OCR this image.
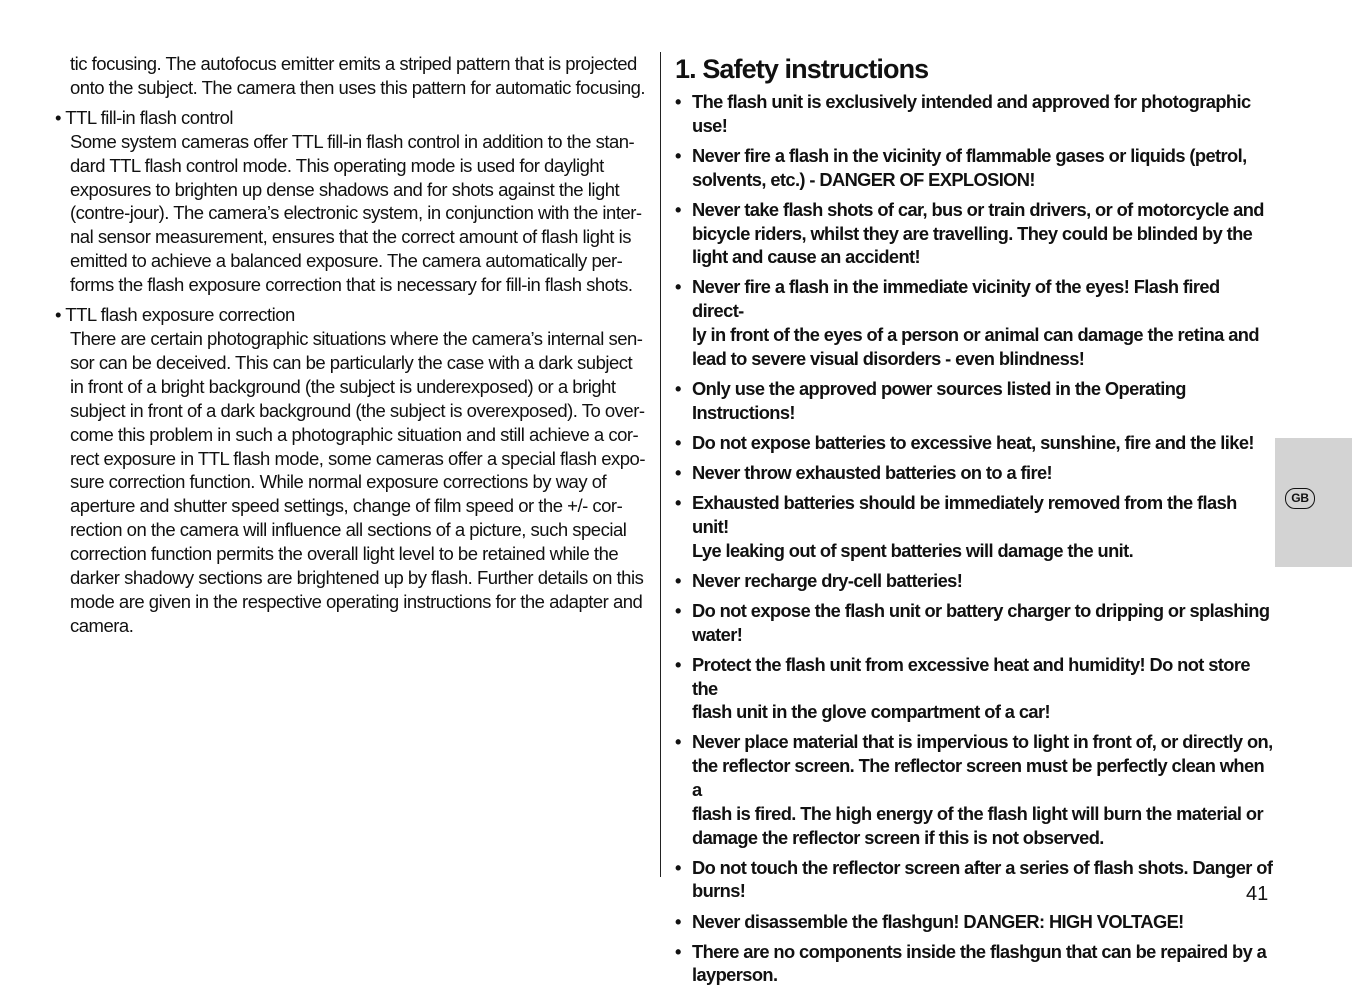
tic focusing. The autofocus emitter emits a striped pattern that is projected

onto the subject. The camera then uses this pattern for automatic focusing.

• TTL fill-in flash control

Some system cameras offer TTL fill-in flash control in addition to the stan-

dard TTL flash control mode. This operating mode is used for daylight

exposures to brighten up dense shadows and for shots against the light

(contre-jour). The camera’s electronic system, in conjunction with the inter-

nal sensor measurement, ensures that the correct amount of flash light is

emitted to achieve a balanced exposure. The camera automatically per-

forms the flash exposure correction that is necessary for fill-in flash shots.

• TTL flash exposure correction

There are certain photographic situations where the camera’s internal sen-

sor can be deceived. This can be particularly the case with a dark subject

in front of a bright background (the subject is underexposed) or a bright

subject in front of a dark background (the subject is overexposed). To over-

come this problem in such a photographic situation and still achieve a cor-

rect exposure in TTL flash mode, some cameras offer a special flash expo-

sure correction function. While normal exposure corrections by way of

aperture and shutter speed settings, change of film speed or the +/- cor-

rection on the camera will influence all sections of a picture, such special

correction function permits the overall light level to be retained while the

darker shadowy sections are brightened up by flash. Further details on this

mode are given in the respective operating instructions for the adapter and

camera.

1. Safety instructions
• The flash unit is exclusively intended and approved for photographic use!
• Never fire a flash in the vicinity of flammable gases or liquids (petrol,
solvents, etc.) - DANGER OF EXPLOSION!
• Never take flash shots of car, bus or train drivers, or of motorcycle and
bicycle riders, whilst they are travelling. They could be blinded by the
light and cause an accident!
• Never fire a flash in the immediate vicinity of the eyes! Flash fired direct-
ly in front of the eyes of a person or animal can damage the retina and
lead to severe visual disorders - even blindness!
• Only use the approved power sources listed in the Operating
Instructions!
• Do not expose batteries to excessive heat, sunshine, fire and the like!
• Never throw exhausted batteries on to a fire!
• Exhausted batteries should be immediately removed from the flash unit!
Lye leaking out of spent batteries will damage the unit.
• Never recharge dry-cell batteries!
• Do not expose the flash unit or battery charger to dripping or splashing
water!
• Protect the flash unit from excessive heat and humidity! Do not store the
flash unit in the glove compartment of a car!
• Never place material that is impervious to light in front of, or directly on,
the reflector screen. The reflector screen must be perfectly clean when a
flash is fired. The high energy of the flash light will burn the material or
damage the reflector screen if this is not observed.
• Do not touch the reflector screen after a series of flash shots. Danger of
burns!
• Never disassemble the flashgun! DANGER: HIGH VOLTAGE!
• There are no components inside the flashgun that can be repaired by a
layperson.
GB
41
